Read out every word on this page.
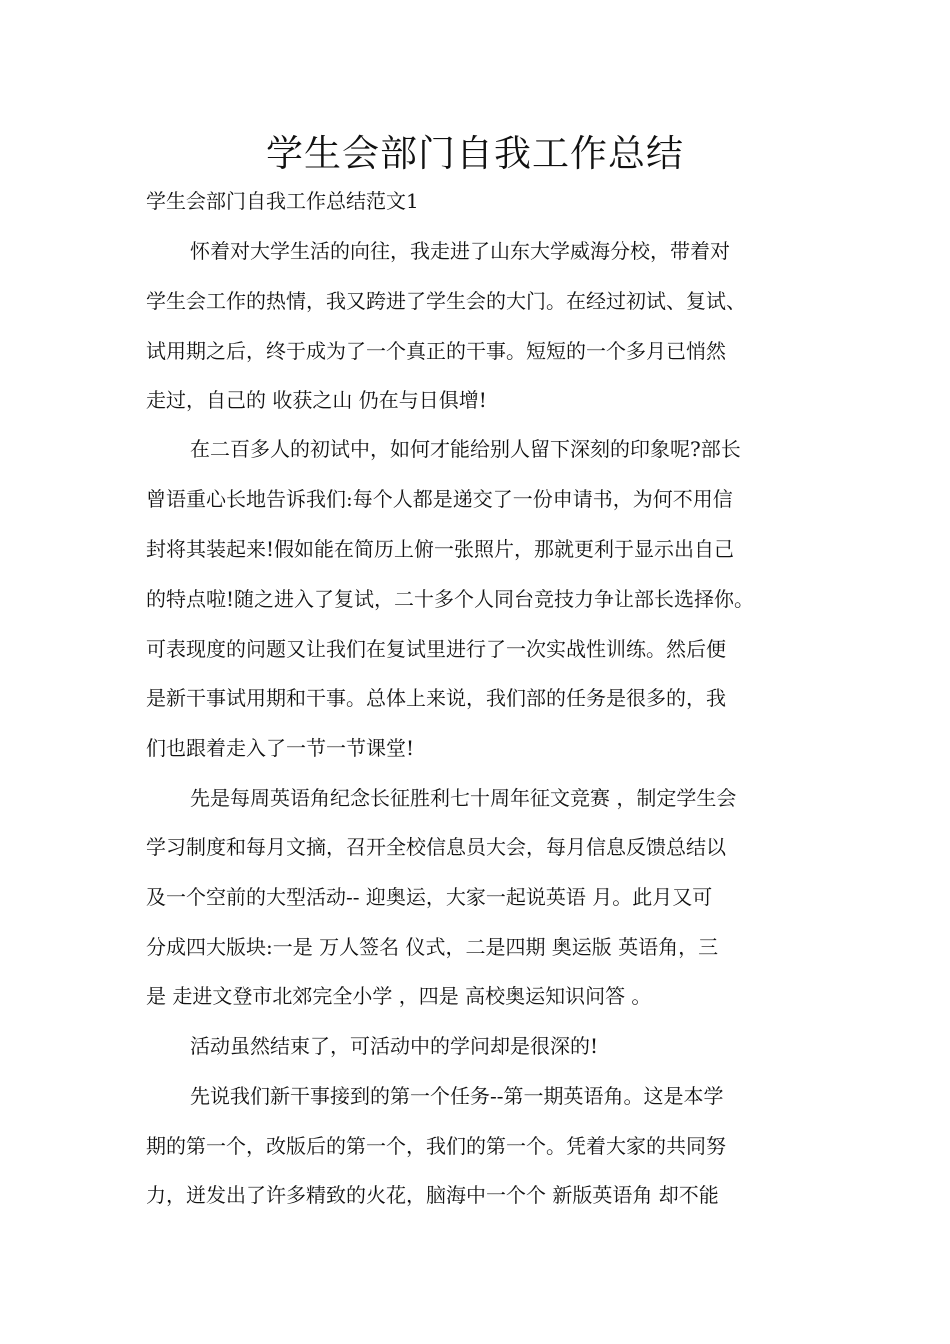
学生会部门自我工作总结

学生会部门自我工作总结范文1

怀着对大学生活的向往，我走进了山东大学威海分校，带着对

学生会工作的热情，我又跨进了学生会的大门。在经过初试、复试、

试用期之后，终于成为了一个真正的干事。短短的一个多月已悄然

走过，自己的 收获之山 仍在与日俱增!

在二百多人的初试中，如何才能给别人留下深刻的印象呢?部长

曾语重心长地告诉我们:每个人都是递交了一份申请书，为何不用信

封将其装起来!假如能在简历上俯一张照片，那就更利于显示出自己

的特点啦!随之进入了复试，二十多个人同台竞技力争让部长选择你。

可表现度的问题又让我们在复试里进行了一次实战性训练。然后便

是新干事试用期和干事。总体上来说，我们部的任务是很多的，我

们也跟着走入了一节一节课堂!

先是每周英语角纪念长征胜利七十周年征文竞赛 ，制定学生会

学习制度和每月文摘，召开全校信息员大会，每月信息反馈总结以

及一个空前的大型活动-- 迎奥运，大家一起说英语 月。此月又可

分成四大版块:一是 万人签名 仪式，二是四期 奥运版 英语角，三

是 走进文登市北郊完全小学 ，四是 高校奥运知识问答 。

活动虽然结束了，可活动中的学问却是很深的!

先说我们新干事接到的第一个任务--第一期英语角。这是本学

期的第一个，改版后的第一个，我们的第一个。凭着大家的共同努

力，迸发出了许多精致的火花，脑海中一个个 新版英语角 却不能
